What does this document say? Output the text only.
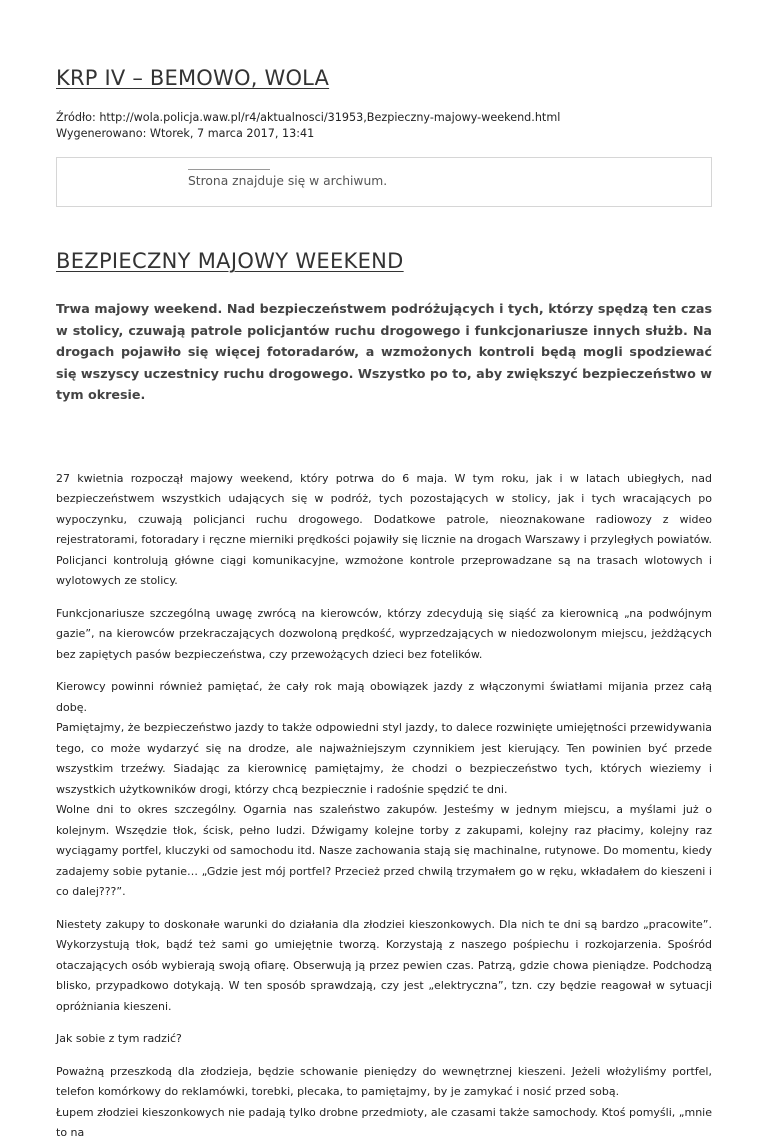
KRP IV – BEMOWO, WOLA
Źródło: http://wola.policja.waw.pl/r4/aktualnosci/31953,Bezpieczny-majowy-weekend.html
Wygenerowano: Wtorek, 7 marca 2017, 13:41
Strona znajduje się w archiwum.
BEZPIECZNY MAJOWY WEEKEND
Trwa majowy weekend. Nad bezpieczeństwem podróżujących i tych, którzy spędzą ten czas w stolicy, czuwają patrole policjantów ruchu drogowego i funkcjonariusze innych służb. Na drogach pojawiło się więcej fotoradarów, a wzmożonych kontroli będą mogli spodziewać się wszyscy uczestnicy ruchu drogowego. Wszystko po to, aby zwiększyć bezpieczeństwo w tym okresie.

27 kwietnia rozpoczął majowy weekend, który potrwa do 6 maja. W tym roku, jak i w latach ubiegłych, nad bezpieczeństwem wszystkich udających się w podróż, tych pozostających w stolicy, jak i tych wracających po wypoczynku, czuwają policjanci ruchu drogowego. Dodatkowe patrole, nieoznakowane radiowozy z wideo rejestratorami, fotoradary i ręczne mierniki prędkości pojawiły się licznie na drogach Warszawy i przyległych powiatów. Policjanci kontrolują główne ciągi komunikacyjne, wzmożone kontrole przeprowadzane są na trasach wlotowych i wylotowych ze stolicy.

Funkcjonariusze szczególną uwagę zwrócą na kierowców, którzy zdecydują się siąść za kierownicą „na podwójnym gazie”, na kierowców przekraczających dozwoloną prędkość, wyprzedzających w niedozwolonym miejscu, jeżdżących bez zapiętych pasów bezpieczeństwa, czy przewożących dzieci bez fotelików.

Kierowcy powinni również pamiętać, że cały rok mają obowiązek jazdy z włączonymi światłami mijania przez całą dobę.
Pamiętajmy, że bezpieczeństwo jazdy to także odpowiedni styl jazdy, to dalece rozwinięte umiejętności przewidywania tego, co może wydarzyć się na drodze, ale najważniejszym czynnikiem jest kierujący. Ten powinien być przede wszystkim trzeźwy. Siadając za kierownicę pamiętajmy, że chodzi o bezpieczeństwo tych, których wieziemy i wszystkich użytkowników drogi, którzy chcą bezpiecznie i radośnie spędzić te dni.
Wolne dni to okres szczególny. Ogarnia nas szaleństwo zakupów. Jesteśmy w jednym miejscu, a myślami już o kolejnym. Wszędzie tłok, ścisk, pełno ludzi. Dźwigamy kolejne torby z zakupami, kolejny raz płacimy, kolejny raz wyciągamy portfel, kluczyki od samochodu itd. Nasze zachowania stają się machinalne, rutynowe. Do momentu, kiedy zadajemy sobie pytanie… „Gdzie jest mój portfel? Przecież przed chwilą trzymałem go w ręku, wkładałem do kieszeni i co dalej???”.

Niestety zakupy to doskonałe warunki do działania dla złodziei kieszonkowych. Dla nich te dni są bardzo „pracowite”. Wykorzystują tłok, bądź też sami go umiejętnie tworzą. Korzystają z naszego pośpiechu i rozkojarzenia. Spośród otaczających osób wybierają swoją ofiarę. Obserwują ją przez pewien czas. Patrzą, gdzie chowa pieniądze. Podchodzą blisko, przypadkowo dotykają. W ten sposób sprawdzają, czy jest „elektryczna”, tzn. czy będzie reagował w sytuacji opróżniania kieszeni.

Jak sobie z tym radzić?

Poważną przeszkodą dla złodzieja, będzie schowanie pieniędzy do wewnętrznej kieszeni. Jeżeli włożyliśmy portfel, telefon komórkowy do reklamówki, torebki, plecaka, to pamiętajmy, by je zamykać i nosić przed sobą.
Łupem złodziei kieszonkowych nie padają tylko drobne przedmioty, ale czasami także samochody. Ktoś pomyśli, „mnie to na
